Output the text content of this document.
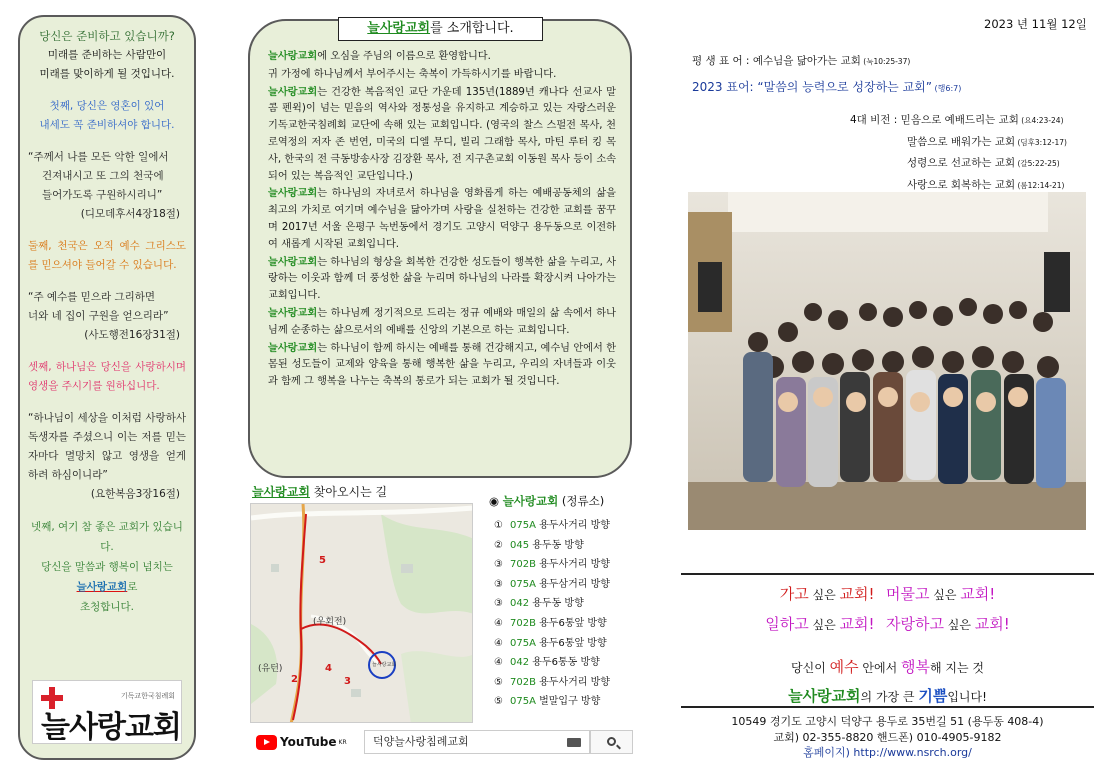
당신은 준비하고 있습니까?
미래를 준비하는 사람만이
미래를 맞이하게 될 것입니다.
첫째, 당신은 영혼이 있어
내세도 꼭 준비하셔야 합니다.
“주께서 나를 모든 악한 일에서
건져내시고 또 그의 천국에
들어가도록 구원하시리니”
(디모데후서4장18절)
둘째, 천국은 오직 예수 그리스도를 믿으셔야 들어갈 수 있습니다.
“주 예수를 믿으라 그리하면
너와 네 집이 구원을 얻으리라”
(사도행전16장31절)
셋째, 하나님은 당신을 사랑하시며 영생을 주시기를 원하십니다.
“하나님이 세상을 이처럼 사랑하사 독생자를 주셨으니 이는 저를 믿는 자마다 멸망치 않고 영생을 얻게 하려 하심이니라”
(요한복음3장16절)
넷째, 여기 참 좋은 교회가 있습니다.
당신을 말씀과 행복이 넘치는
늘사랑교회로
초청합니다.
기독교한국침례회
늘사랑교회
늘사랑교회를 소개합니다.
늘사랑교회에 오심을 주님의 이름으로 환영합니다.
귀 가정에 하나님께서 부어주시는 축복이 가득하시기를 바랍니다.
늘사랑교회는 건강한 복음적인 교단 가운데 135년(1889년 캐나다 선교사 말콤 펜윅)이 넘는 믿음의 역사와 정통성을 유지하고 계승하고 있는 자랑스러운 기독교한국침례회 교단에 속해 있는 교회입니다. (영국의 찰스 스펄전 목사, 천로역정의 저자 존 번연, 미국의 디엘 무디, 빌리 그래함 목사, 마틴 루터 킹 목사, 한국의 전 극동방송사장 김장환 목사, 전 지구촌교회 이동원 목사 등이 소속되어 있는 복음적인 교단입니다.)
늘사랑교회는 하나님의 자녀로서 하나님을 영화롭게 하는 예배공동체의 삶을 최고의 가치로 여기며 예수님을 닮아가며 사랑을 실천하는 건강한 교회를 꿈꾸며 2017년 서울 은평구 녹번동에서 경기도 고양시 덕양구 용두동으로 이전하여 새롭게 시작된 교회입니다.
늘사랑교회는 하나님의 형상을 회복한 건강한 성도들이 행복한 삶을 누리고, 사랑하는 이웃과 함께 더 풍성한 삶을 누리며 하나님의 나라를 확장시켜 나아가는 교회입니다.
늘사랑교회는 하나님께 정기적으로 드리는 정규 예배와 매일의 삶 속에서 하나님께 순종하는 삶으로서의 예배를 신앙의 기본으로 하는 교회입니다.
늘사랑교회는 하나님이 함께 하시는 예배를 통해 건강해지고, 예수님 안에서 한 몸된 성도들이 교제와 양육을 통해 행복한 삶을 누리고, 우리의 자녀들과 이웃과 함께 그 행복을 나누는 축복의 통로가 되는 교회가 될 것입니다.
늘사랑교회 찾아오시는 길
5
(우회전)
(유턴)
2
4
3
늘사랑교회
◉ 늘사랑교회 (정류소)
① 075A 용두사거리 방향
② 045 용두동 방향
③ 702B 용두사거리 방향
③ 075A 용두삼거리 방향
③ 042 용두동 방향
④ 702B 용두6통앞 방향
④ 075A 용두6통앞 방향
④ 042 용두6통동 방향
⑤ 702B 용두사거리 방향
⑤ 075A 벌말입구 방향
YouTube KR	덕양늘사랑침례교회
2023 년 11월 12일
평 생 표 어 : 예수님을 닮아가는 교회 (눅10:25-37)
2023 표어: “말씀의 능력으로 성장하는 교회” (행6:7)
4대 비전 : 믿음으로 예배드리는 교회 (요4:23-24)
말씀으로 배워가는 교회 (딤후3:12-17)
성령으로 선교하는 교회 (갈5:22-25)
사랑으로 회복하는 교회 (롬12:14-21)
가고 싶은 교회! 머물고 싶은 교회!
일하고 싶은 교회! 자랑하고 싶은 교회!
당신이 예수 안에서 행복해 지는 것
늘사랑교회의 가장 큰 기쁨입니다!
10549 경기도 고양시 덕양구 용두로 35번길 51 (용두동 408-4)
교회) 02-355-8820 핸드폰) 010-4905-9182
홈페이지) http://www.nsrch.org/
